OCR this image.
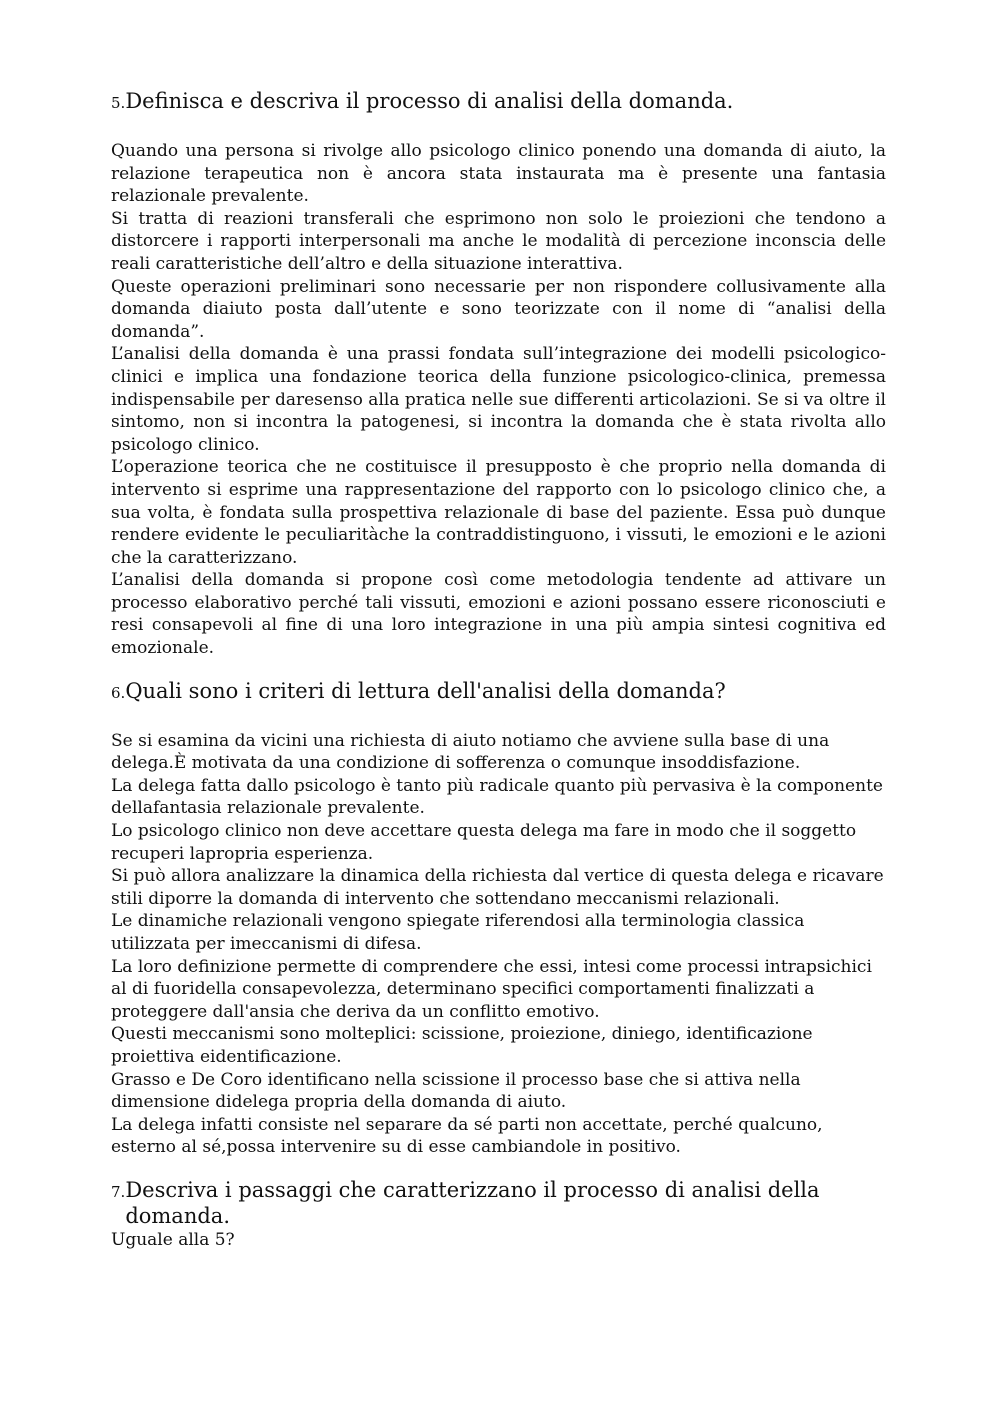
5. Definisca e descriva il processo di analisi della domanda.

Quando una persona si rivolge allo psicologo clinico ponendo una domanda di aiuto, la relazione terapeutica non è ancora stata instaurata ma è presente una fantasia relazionale prevalente.

Si tratta di reazioni transferali che esprimono non solo le proiezioni che tendono a distorcere i rapporti interpersonali ma anche le modalità di percezione inconscia delle reali caratteristiche dell’altro e della situazione interattiva.

Queste operazioni preliminari sono necessarie per non rispondere collusivamente alla domanda diaiuto posta dall’utente e sono teorizzate con il nome di “analisi della domanda”.

L’analisi della domanda è una prassi fondata sull’integrazione dei modelli psicologico-clinici e implica una fondazione teorica della funzione psicologico-clinica, premessa indispensabile per daresenso alla pratica nelle sue differenti articolazioni. Se si va oltre il sintomo, non si incontra la patogenesi, si incontra la domanda che è stata rivolta allo psicologo clinico.

L’operazione teorica che ne costituisce il presupposto è che proprio nella domanda di intervento si esprime una rappresentazione del rapporto con lo psicologo clinico che, a sua volta, è fondata sulla prospettiva relazionale di base del paziente. Essa può dunque rendere evidente le peculiaritàche la contraddistinguono, i vissuti, le emozioni e le azioni che la caratterizzano.

L’analisi della domanda si propone così come metodologia tendente ad attivare un processo elaborativo perché tali vissuti, emozioni e azioni possano essere riconosciuti e resi consapevoli al fine di una loro integrazione in una più ampia sintesi cognitiva ed emozionale.

6. Quali sono i criteri di lettura dell'analisi della domanda?

Se si esamina da vicini una richiesta di aiuto notiamo che avviene sulla base di una delega.È motivata da una condizione di sofferenza o comunque insoddisfazione.

La delega fatta dallo psicologo è tanto più radicale quanto più pervasiva è la componente dellafantasia relazionale prevalente.

Lo psicologo clinico non deve accettare questa delega ma fare in modo che il soggetto recuperi lapropria esperienza.

Si può allora analizzare la dinamica della richiesta dal vertice di questa delega e ricavare stili diporre la domanda di intervento che sottendano meccanismi relazionali.

Le dinamiche relazionali vengono spiegate riferendosi alla terminologia classica utilizzata per imeccanismi di difesa.

La loro definizione permette di comprendere che essi, intesi come processi intrapsichici al di fuoridella consapevolezza, determinano specifici comportamenti finalizzati a proteggere dall'ansia che deriva da un conflitto emotivo.

Questi meccanismi sono molteplici: scissione, proiezione, diniego, identificazione proiettiva eidentificazione.

Grasso e De Coro identificano nella scissione il processo base che si attiva nella dimensione didelega propria della domanda di aiuto.

La delega infatti consiste nel separare da sé parti non accettate, perché qualcuno, esterno al sé,possa intervenire su di esse cambiandole in positivo.

7. Descriva i passaggi che caratterizzano il processo di analisi della domanda.

Uguale alla 5?
